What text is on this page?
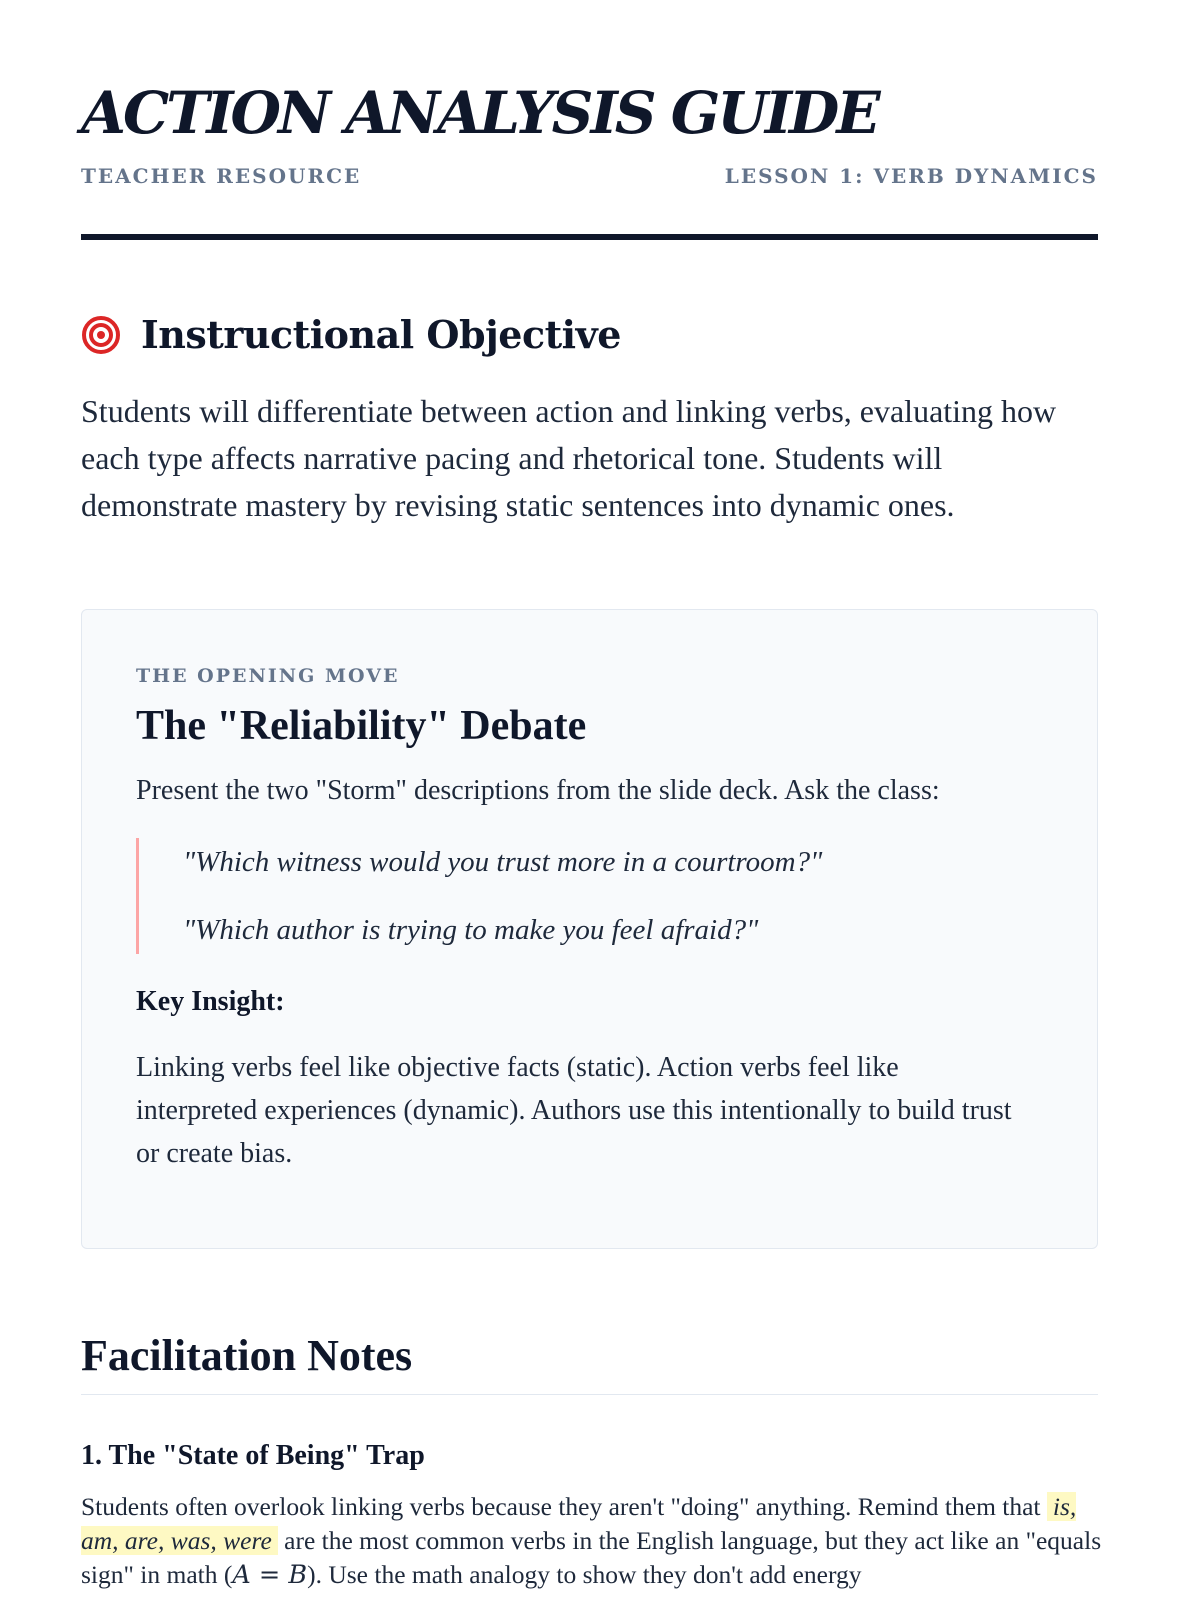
ACTION ANALYSIS GUIDE
TEACHER RESOURCE	LESSON 1: VERB DYNAMICS
Instructional Objective

Students will differentiate between action and linking verbs, evaluating how each type affects narrative pacing and rhetorical tone. Students will demonstrate mastery by revising static sentences into dynamic ones.

THE OPENING MOVE
The "Reliability" Debate

Present the two "Storm" descriptions from the slide deck. Ask the class:

"Which witness would you trust more in a courtroom?"

"Which author is trying to make you feel afraid?"

Key Insight:

Linking verbs feel like objective facts (static). Action verbs feel like interpreted experiences (dynamic). Authors use this intentionally to build trust or create bias.

Facilitation Notes
1. The "State of Being" Trap

Students often overlook linking verbs because they aren't "doing" anything. Remind them that is, am, are, was, were are the most common verbs in the English language, but they act like an "equals sign" in math (A = B). Use the math analogy to show they don't add energy
